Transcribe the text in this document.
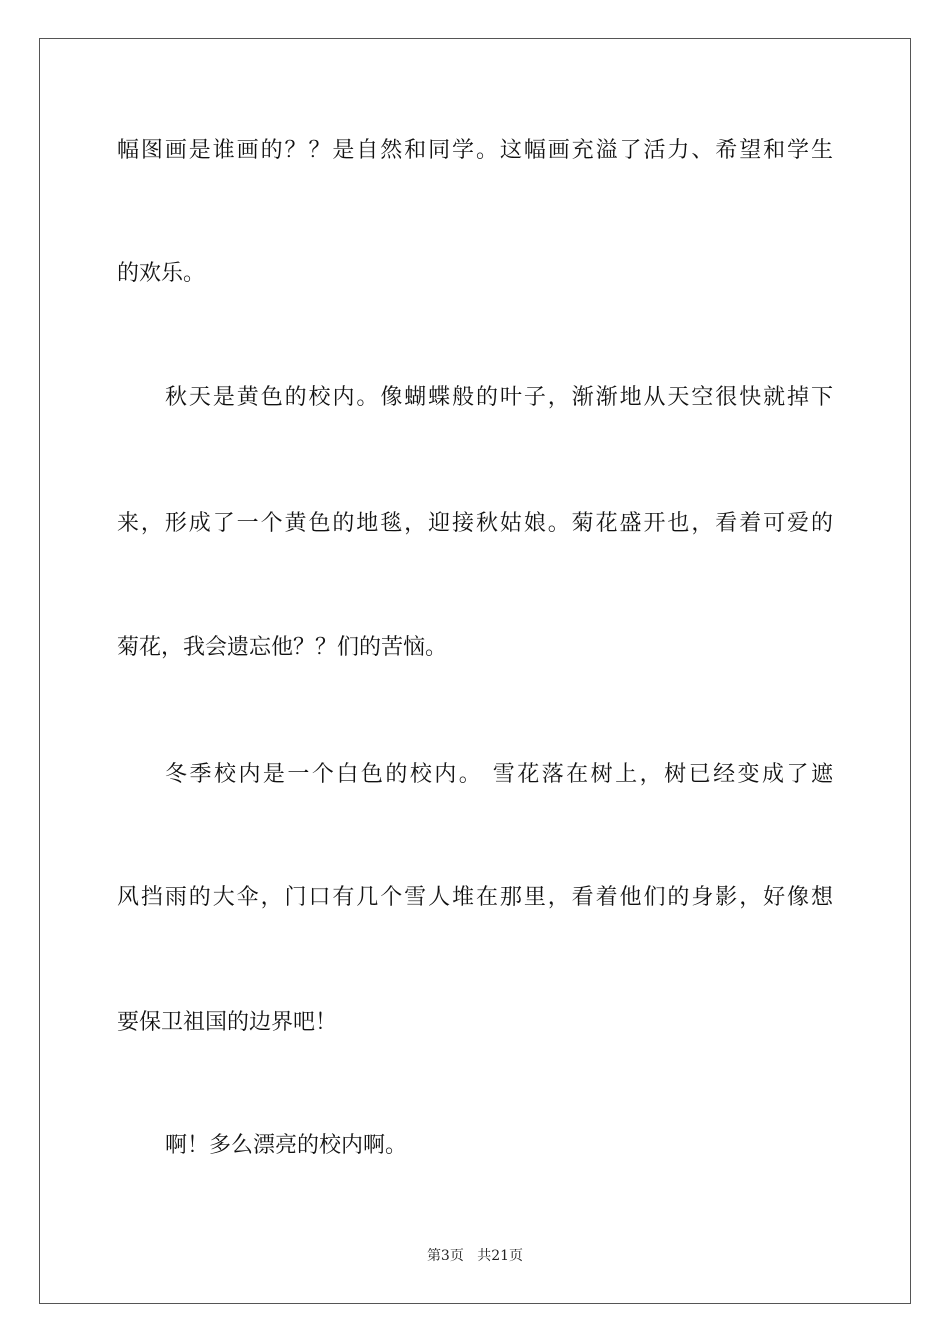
幅图画是谁画的？？是自然和同学。这幅画充溢了活力、希望和学生
的欢乐。
秋天是黄色的校内。像蝴蝶般的叶子，渐渐地从天空很快就掉下
来，形成了一个黄色的地毯，迎接秋姑娘。菊花盛开也，看着可爱的
菊花，我会遗忘他？？们的苦恼。
冬季校内是一个白色的校内。 雪花落在树上，树已经变成了遮
风挡雨的大伞，门口有几个雪人堆在那里，看着他们的身影，好像想
要保卫祖国的边界吧！
啊！多么漂亮的校内啊。
第3页 共21页
